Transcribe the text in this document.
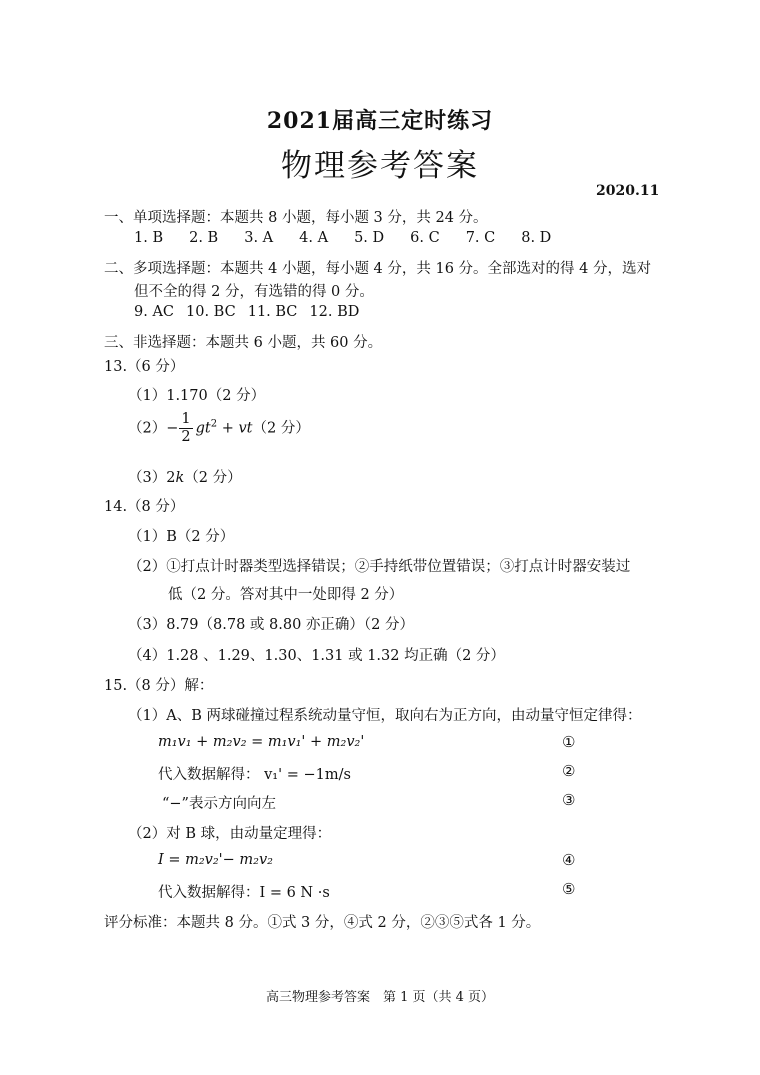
2021届高三定时练习
物理参考答案
2020.11
一、单项选择题：本题共 8 小题，每小题 3 分，共 24 分。
1. B 2. B 3. A 4. A 5. D 6. C 7. C 8. D
二、多项选择题：本题共 4 小题，每小题 4 分，共 16 分。全部选对的得 4 分，选对
但不全的得 2 分，有选错的得 0 分。
9. AC 10. BC 11. BC 12. BD
三、非选择题：本题共 6 小题，共 60 分。
13.（6 分）
（1）1.170（2 分）
$(2)- \frac{1}{2} gt^2 + vt(2$ 分）
（3）2k（2 分）
14.（8 分）
（1）B（2 分）
（2）①打点计时器类型选择错误；②手持纸带位置错误；③打点计时器安装过
低（2 分。答对其中一处即得 2 分）
（3）8.79（8.78 或 8.80 亦正确）（2 分）
（4）1.28 、1.29、1.30、1.31 或 1.32 均正确（2 分）
15.（8 分）解：
（1）A、B 两球碰撞过程系统动量守恒，取向右为正方向，由动量守恒定律得：
m₁v₁ + m₂v₂ = m₁v₁' + m₂v₂'	①
代入数据解得： v₁' = −1m/s	②
“−”表示方向向左	③
（2）对 B 球，由动量定理得：
I = m₂v₂'− m₂v₂	④
代入数据解得：I = 6 N ·s	⑤
评分标准：本题共 8 分。①式 3 分，④式 2 分，②③⑤式各 1 分。
高三物理参考答案　第 1 页（共 4 页）
